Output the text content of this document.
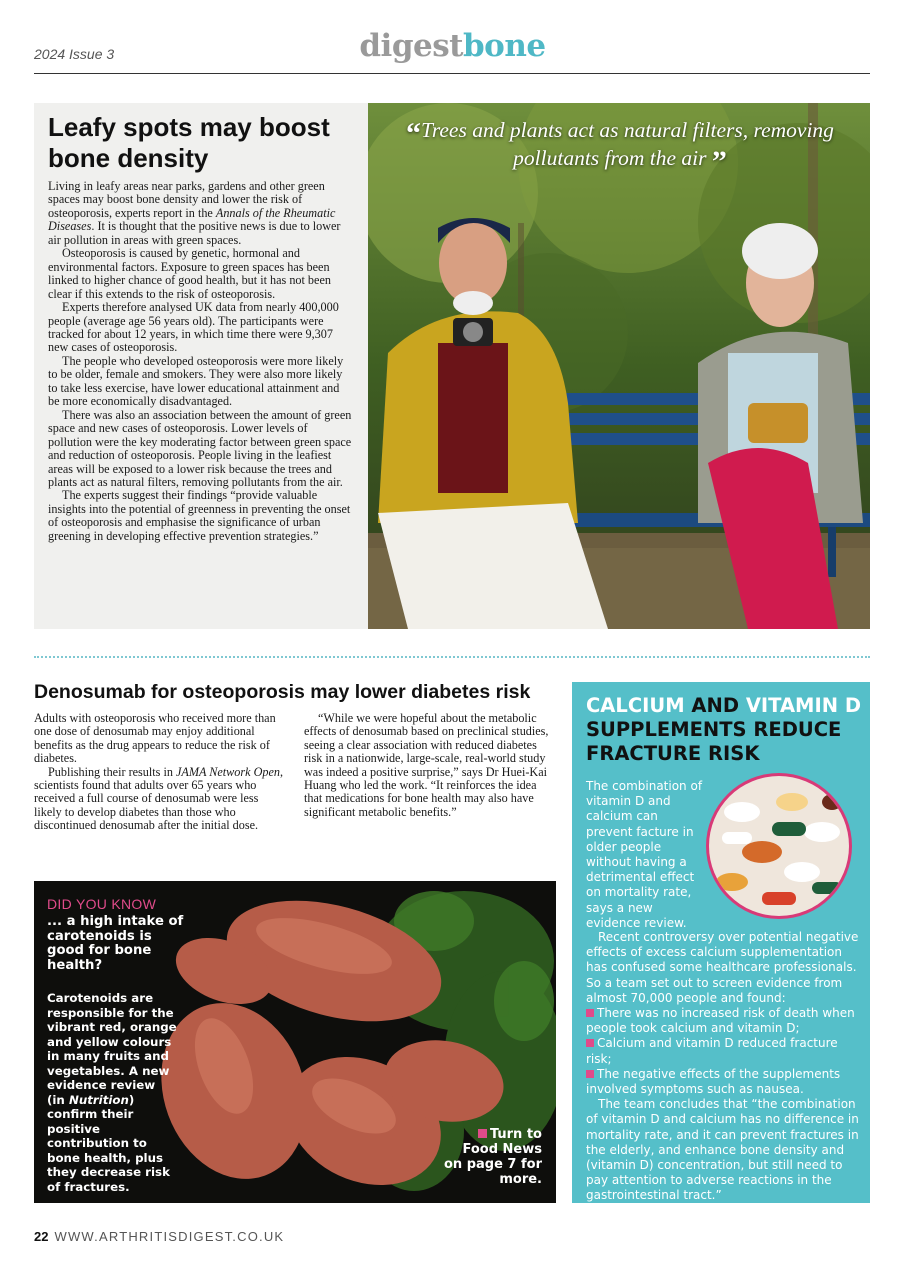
2024 Issue 3	digestbone
Leafy spots may boost bone density

Living in leafy areas near parks, gardens and other green spaces may boost bone density and lower the risk of osteoporosis, experts report in the Annals of the Rheumatic Diseases. It is thought that the positive news is due to lower air pollution in areas with green spaces.

Osteoporosis is caused by genetic, hormonal and environmental factors. Exposure to green spaces has been linked to higher chance of good health, but it has not been clear if this extends to the risk of osteoporosis.

Experts therefore analysed UK data from nearly 400,000 people (average age 56 years old). The participants were tracked for about 12 years, in which time there were 9,307 new cases of osteoporosis.

The people who developed osteoporosis were more likely to be older, female and smokers. They were also more likely to take less exercise, have lower educational attainment and be more economically disadvantaged.

There was also an association between the amount of green space and new cases of osteoporosis. Lower levels of pollution were the key moderating factor between green space and reduction of osteoporosis. People living in the leafiest areas will be exposed to a lower risk because the trees and plants act as natural filters, removing pollutants from the air.

The experts suggest their findings “provide valuable insights into the potential of greenness in preventing the onset of osteoporosis and emphasise the significance of urban greening in developing effective prevention strategies.”

“Trees and plants act as natural filters, removing pollutants from the air ”
Denosumab for osteoporosis may lower diabetes risk

Adults with osteoporosis who received more than one dose of denosumab may enjoy additional benefits as the drug appears to reduce the risk of diabetes.

Publishing their results in JAMA Network Open, scientists found that adults over 65 years who received a full course of denosumab were less likely to develop diabetes than those who discontinued denosumab after the initial dose.

“While we were hopeful about the metabolic effects of denosumab based on preclinical studies, seeing a clear association with reduced diabetes risk in a nationwide, large-scale, real-world study was indeed a positive surprise,” says Dr Huei-Kai Huang who led the work. “It reinforces the idea that medications for bone health may also have significant metabolic benefits.”

DID YOU KNOW
... a high intake of carotenoids is good for bone health?
Carotenoids are responsible for the vibrant red, orange and yellow colours in many fruits and vegetables. A new evidence review (in Nutrition) confirm their positive contribution to bone health, plus they decrease risk of fractures.
Turn to Food News on page 7 for more.
CALCIUM AND VITAMIN D SUPPLEMENTS REDUCE FRACTURE RISK
The combination of vitamin D and calcium can prevent facture in older people without having a detrimental effect on mortality rate, says a new evidence review.

Recent controversy over potential negative effects of excess calcium supplementation has confused some healthcare professionals. So a team set out to screen evidence from almost 70,000 people and found:

There was no increased risk of death when people took calcium and vitamin D;

Calcium and vitamin D reduced fracture risk;

The negative effects of the supplements involved symptoms such as nausea.

The team concludes that “the combination of vitamin D and calcium has no difference in mortality rate, and it can prevent fractures in the elderly, and enhance bone density and (vitamin D) concentration, but still need to pay attention to adverse reactions in the gastrointestinal tract.”

22 WWW.ARTHRITISDIGEST.CO.UK
